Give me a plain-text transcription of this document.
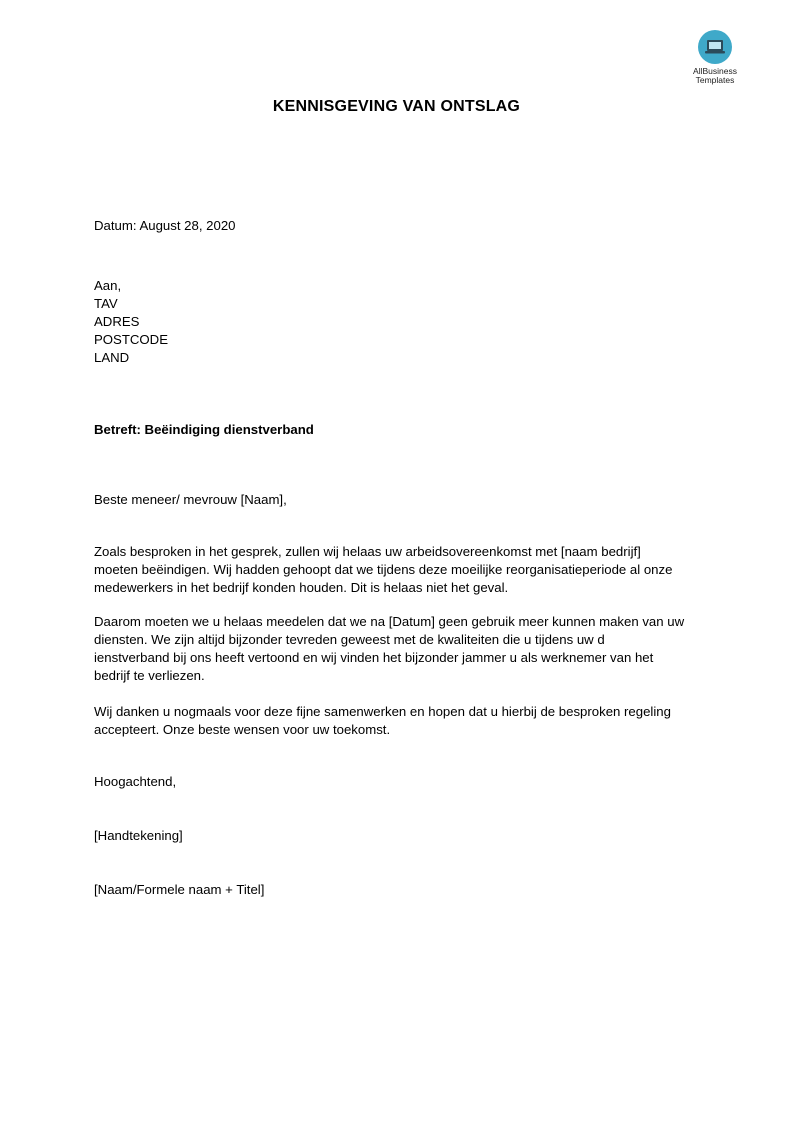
AllBusiness
Templates
KENNISGEVING VAN ONTSLAG
Datum: August 28, 2020
Aan,
TAV
ADRES
POSTCODE
LAND
Betreft: Beëindiging dienstverband
Beste meneer/ mevrouw [Naam],
Zoals besproken in het gesprek, zullen wij helaas uw arbeidsovereenkomst met [naam bedrijf]
moeten beëindigen. Wij hadden gehoopt dat we tijdens deze moeilijke reorganisatieperiode al onze
medewerkers in het bedrijf konden houden. Dit is helaas niet het geval.
Daarom moeten we u helaas meedelen dat we na [Datum] geen gebruik meer kunnen maken van uw
diensten. We zijn altijd bijzonder tevreden geweest met de kwaliteiten die u tijdens uw d
ienstverband bij ons heeft vertoond en wij vinden het bijzonder jammer u als werknemer van het
bedrijf te verliezen.
Wij danken u nogmaals voor deze fijne samenwerken en hopen dat u hierbij de besproken regeling
accepteert. Onze beste wensen voor uw toekomst.
Hoogachtend,
[Handtekening]
[Naam/Formele naam + Titel]
